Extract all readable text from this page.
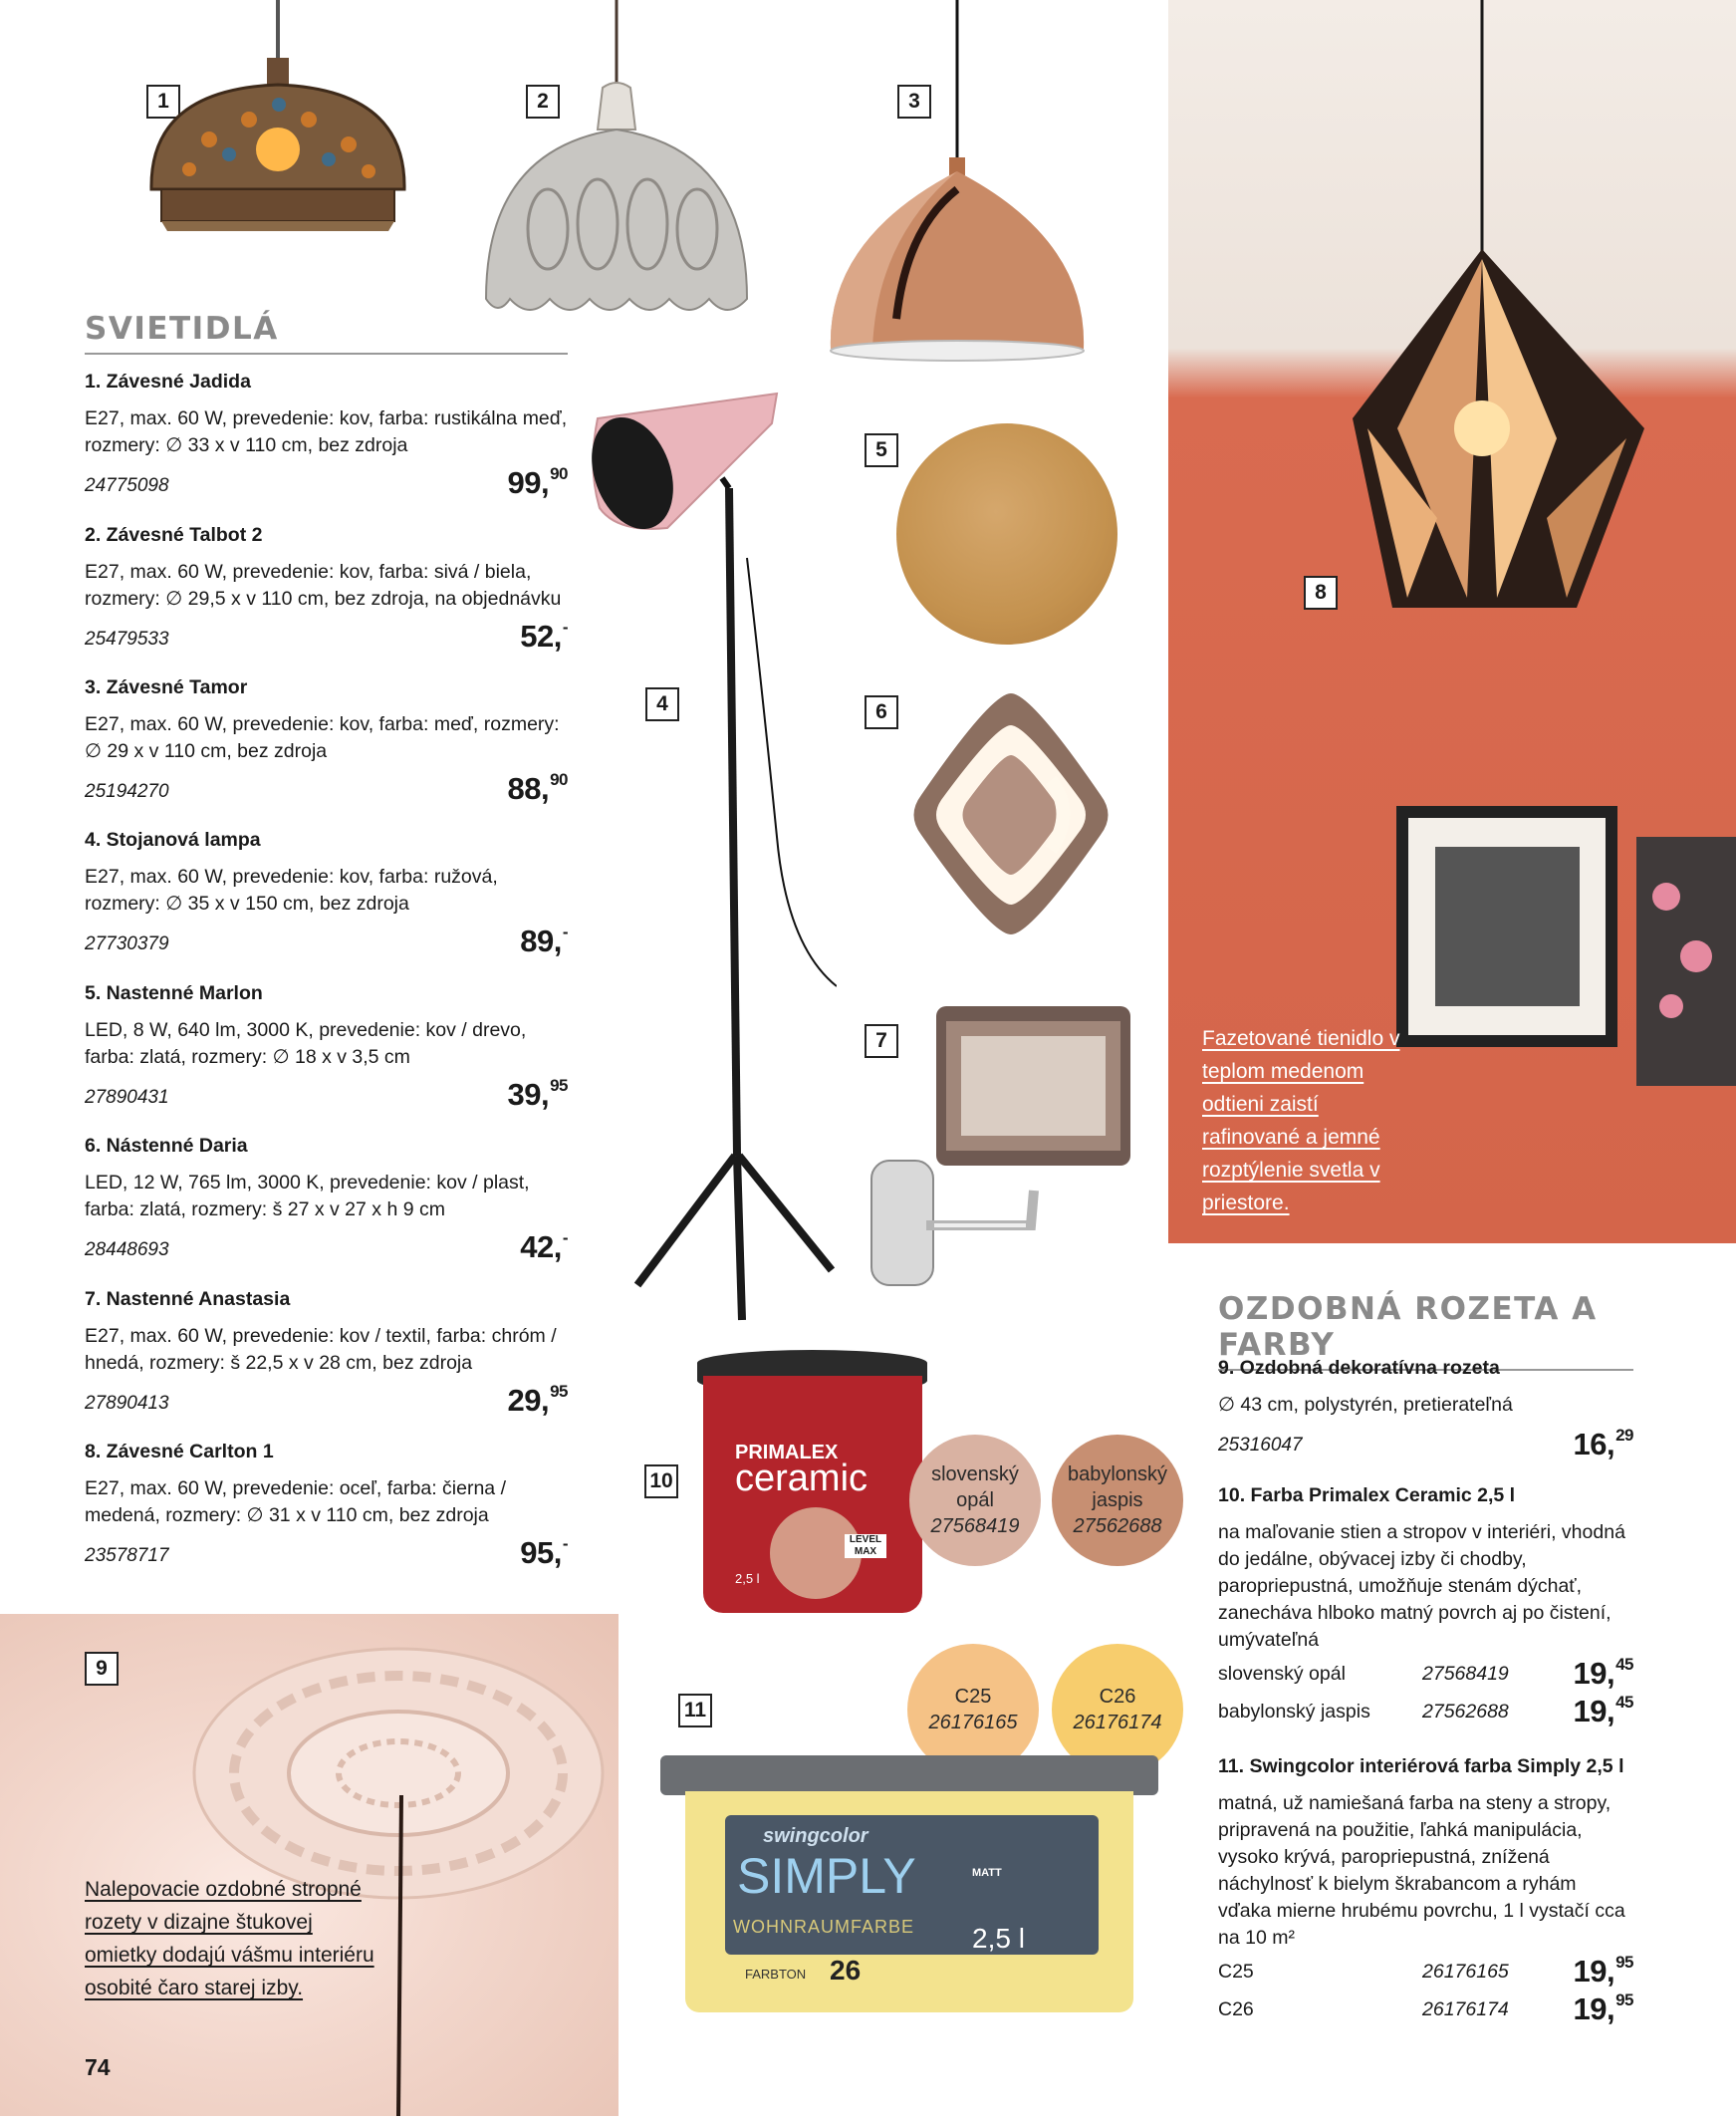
SVIETIDLÁ

1. Závesné Jadida

E27, max. 60 W, prevedenie: kov, farba: rustikálna meď, rozmery: ∅ 33 x v 110 cm, bez zdroja

24775098	99,90

2. Závesné Talbot 2

E27, max. 60 W, prevedenie: kov, farba: sivá / biela, rozmery: ∅ 29,5 x v 110 cm, bez zdroja, na objednávku

25479533	52,-

3. Závesné Tamor

E27, max. 60 W, prevedenie: kov, farba: meď, rozmery: ∅ 29 x v 110 cm, bez zdroja

25194270	88,90

4. Stojanová lampa

E27, max. 60 W, prevedenie: kov, farba: ružová, rozmery: ∅ 35 x v 150 cm, bez zdroja

27730379	89,-

5. Nastenné Marlon

LED, 8 W, 640 lm, 3000 K, prevedenie: kov / drevo, farba: zlatá, rozmery: ∅ 18 x v 3,5 cm

27890431	39,95

6. Nástenné Daria

LED, 12 W, 765 lm, 3000 K, prevedenie: kov / plast, farba: zlatá, rozmery: š 27 x v 27 x h 9 cm

28448693	42,-

7. Nastenné Anastasia

E27, max. 60 W, prevedenie: kov / textil, farba: chróm / hnedá, rozmery: š 22,5 x v 28 cm, bez zdroja

27890413	29,95

8. Závesné Carlton 1

E27, max. 60 W, prevedenie: oceľ, farba: čierna / medená, rozmery: ∅ 31 x v 110 cm, bez zdroja

23578717	95,-
9
Nalepovacie ozdobné stropné rozety v dizajne štukovej omietky dodajú vášmu interiéru osobité čaro starej izby.
74
1	2	3
4
5
6
7
10
PRIMALEX
ceramic
LEVEL MAX
2,5 l
slovenský
opál
27568419
babylonský
jaspis
27562688
C25
26176165
C26
26176174
11
swingcolor
SIMPLY	MATT
2,5 l
WOHNRAUMFARBE
FARBTON 26
8
Fazetované tienidlo v teplom medenom odtieni zaistí rafinované a jemné rozptýlenie svetla v priestore.
OZDOBNÁ ROZETA A FARBY

9. Ozdobná dekoratívna rozeta

∅ 43 cm, polystyrén, pretierateľná

25316047	16,29

10. Farba Primalex Ceramic 2,5 l

na maľovanie stien a stropov v interiéri, vhodná do jedálne, obývacej izby či chodby, paropriepustná, umožňuje stenám dýchať, zanecháva hlboko matný povrch aj po čistení, umývateľná

slovenský opál	27568419 19,45
babylonský jaspis	27562688 19,45

11. Swingcolor interiérová farba Simply 2,5 l

matná, už namiešaná farba na steny a stropy, pripravená na použitie, ľahká manipulácia, vysoko krývá, paropriepustná, znížená náchylnosť k bielym škrabancom a ryhám vďaka mierne hrubému povrchu, 1 l vystačí cca na 10 m²

C25	26176165 19,95
C26	26176174 19,95
